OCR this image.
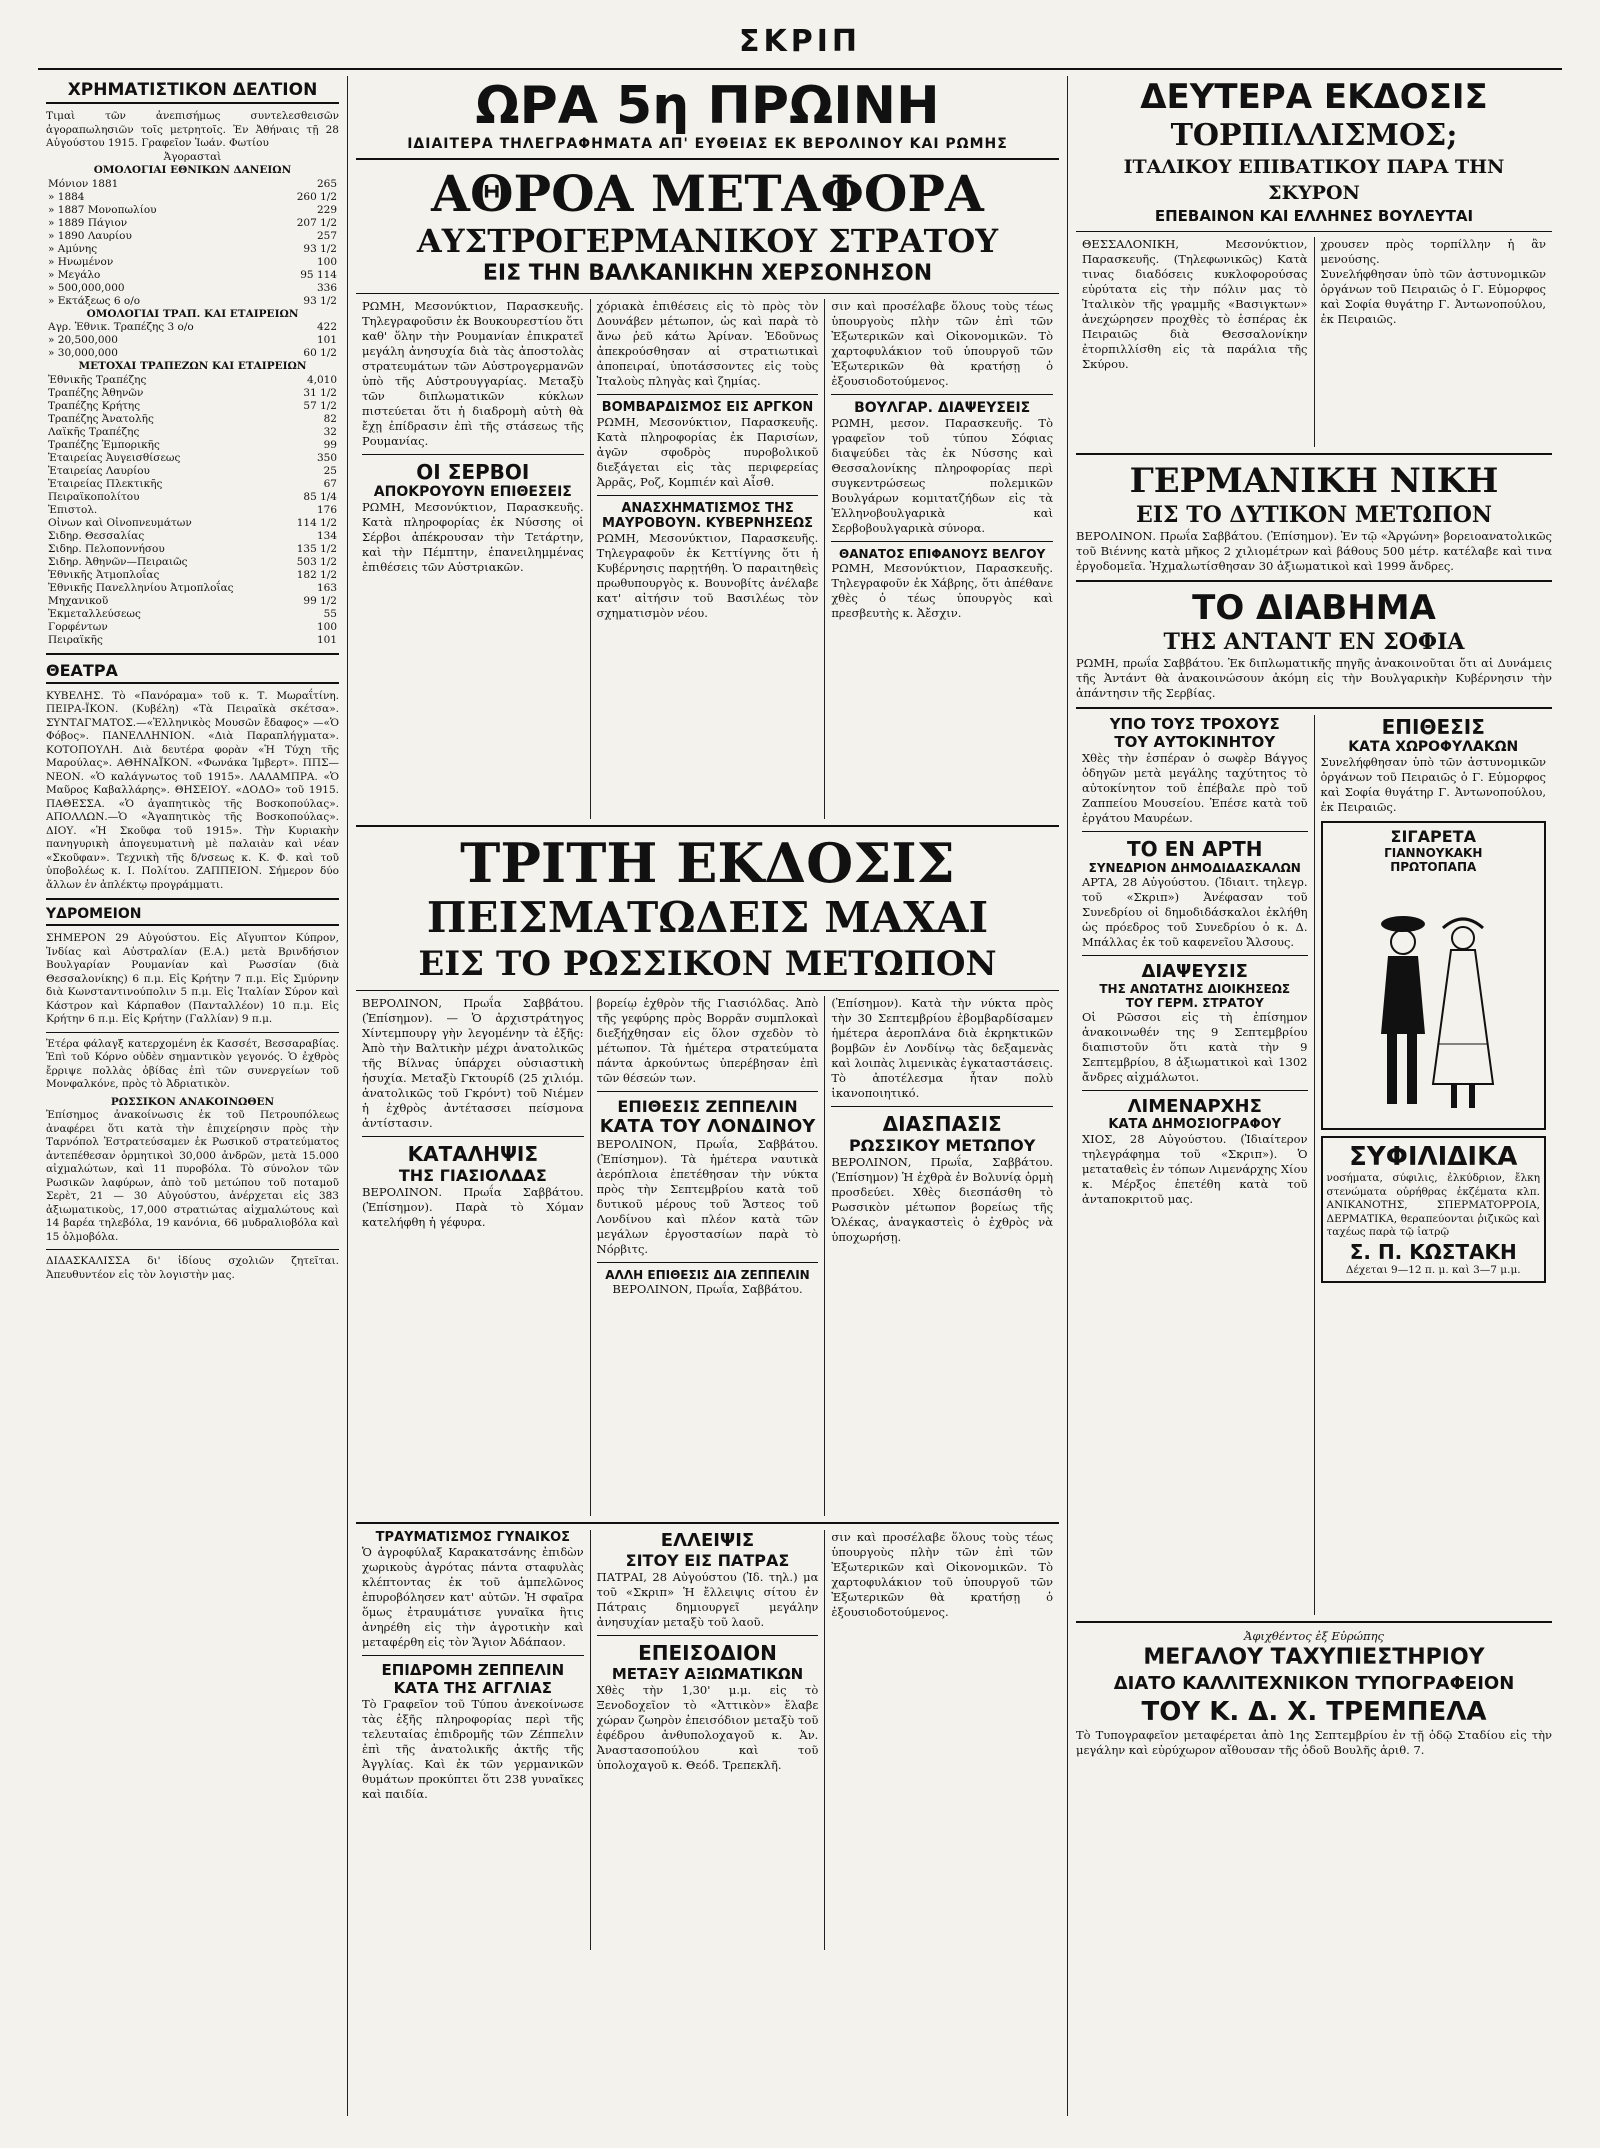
ΣΚΡΙΠ
ΧΡΗΜΑΤΙΣΤΙΚΟΝ ΔΕΛΤΙΟΝ
Τιμαὶ τῶν ἀνεπισήμως συντελεσθεισῶν ἀγοραπωλησιῶν τοῖς μετρητοῖς. Ἐν Ἀθήναις τῇ 28 Αὐγούστου 1915. Γραφεῖον Ἰωάν. Φωτίου
Ἀγορασταὶ
ΟΜΟΛΟΓΙΑΙ ΕΘΝΙΚΩΝ ΔΑΝΕΙΩΝ
Μόνιον 1881	265
» 1884	260 1/2
» 1887 Μονοπωλίου	229
» 1889 Πάγιον	207 1/2
» 1890 Λαυρίου	257
» Αμύνης	93 1/2
» Ηνωμένον	100
» Μεγάλο	95 114
» 500,000,000	336
» Εκτάξεως 6 ο/ο	93 1/2
ΟΜΟΛΟΓΙΑΙ ΤΡΑΠ. ΚΑΙ ΕΤΑΙΡΕΙΩΝ
Αγρ. Ἐθνικ. Τραπέζης 3 ο/ο	422
» 20,500,000	101
» 30,000,000	60 1/2
ΜΕΤΟΧΑΙ ΤΡΑΠΕΖΩΝ ΚΑΙ ΕΤΑΙΡΕΙΩΝ
Ἐθνικῆς Τραπέζης	4,010
Τραπέζης Ἀθηνῶν	31 1/2
Τραπέζης Κρήτης	57 1/2
Τραπέζης Ἀνατολῆς	82
Λαϊκῆς Τραπέζης	32
Τραπέζης Ἐμπορικῆς	99
Ἑταιρείας Ἀυγεισθίσεως	350
Ἑταιρείας Λαυρίου	25
Ἑταιρείας Πλεκτικῆς	67
Πειραϊκοπολίτου	85 1/4
Ἐπιστολ.	176
Οἰνων καὶ Οἰνοπνευμάτων	114 1/2
Σιδηρ. Θεσσαλίας	134
Σιδηρ. Πελοποννήσου	135 1/2
Σιδηρ. Ἀθηνῶν—Πειραιῶς	503 1/2
Ἐθνικῆς Ἀτμοπλοΐας	182 1/2
Ἐθνικῆς Πανελληνίου Ἀτμοπλοΐας	163
Μηχανικοῦ	99 1/2
Ἐκμεταλλεύσεως	55
Γορφέντων	100
Πειραϊκῆς	101
ΘΕΑΤΡΑ
ΚΥΒΕΛΗΣ. Τὸ «Πανόραμα» τοῦ κ. Τ. Μωραΐτίνη. ΠΕΙΡΑ-ΪΚΟΝ. (Κυβέλη) «Τὰ Πειραϊκὰ σκέτσα». ΣΥΝΤΑΓΜΑΤΟΣ.—«Ἑλληνικὸς Μουσῶν ἔδαφος» —«Ὁ Φόβος». ΠΑΝΕΛΛΗΝΙΟΝ. «Διὰ Παραπλήγματα». ΚΟΤΟΠΟΥΛΗ. Διὰ δευτέρα φορὰν «Ἡ Τύχη τῆς Μαρούλας». ΑΘΗΝΑΪΚΟΝ. «Φωνάκα Ἰμβερτ». ΠΠΣ—ΝΕΟΝ. «Ὁ καλάγνωτος τοῦ 1915». ΛΑΛΑΜΠΡΑ. «Ὁ Μαῦρος Καβαλλάρης». ΘΗΣΕΙΟΥ. «ΔΟΔΟ» τοῦ 1915. ΠΑΘΕΣΣΑ. «Ὁ ἀγαπητικὸς τῆς Βοσκοπούλας». ΑΠΟΛΛΩΝ.—Ὁ «Ἀγαπητικὸς τῆς Βοσκοπούλας». ΔΙΟΥ. «Ἡ Σκοῦφα τοῦ 1915». Τὴν Κυριακὴν πανηγυρικὴ ἀπογευματινὴ μὲ παλαιὰν καὶ νέαν «Σκοῦφαν». Τεχνικὴ τῆς δ/νσεως κ. Κ. Φ. καὶ τοῦ ὑποβολέως κ. Ι. Πολίτου. ΖΑΠΠΕΙΟΝ. Σήμερον δύο ἄλλων ἐν ἀπλέκτῳ προγράμματι.
ΥΔΡΟΜΕΙΟΝ
ΣΗΜΕΡΟΝ 29 Αὐγούστου. Εἰς Αἴγυπτον Κύπρον, Ἰνδίας καὶ Αὐστραλίαν (Ε.Α.) μετὰ Βρινδήσιον Βουλγαρίαν Ρουμανίαν καὶ Ρωσσίαν (διὰ Θεσσαλονίκης) 6 π.μ. Εἰς Κρήτην 7 π.μ. Εἰς Σμύρνην διὰ Κωνσταντινούπολιν 5 π.μ. Εἰς Ἰταλίαν Σύρον καὶ Κάστρον καὶ Κάρπαθον (Πανταλλέον) 10 π.μ. Εἰς Κρήτην 6 π.μ. Εἰς Κρήτην (Γαλλίαν) 9 π.μ.
Ἐτέρα φάλαγξ κατερχομένη ἐκ Κασσέτ, Βεσσαραβίας. Ἐπὶ τοῦ Κόρνο οὐδὲν σημαντικὸν γεγονός. Ὁ ἐχθρὸς ἔρριψε πολλὰς ὀβίδας ἐπὶ τῶν συνεργείων τοῦ Μονφαλκόνε, πρὸς τὸ Ἀδριατικὸν.
ΡΩΣΣΙΚΟΝ ΑΝΑΚΟΙΝΩΘΕΝ
Ἐπίσημος ἀνακοίνωσις ἐκ τοῦ Πετρουπόλεως ἀναφέρει ὅτι κατὰ τὴν ἐπιχείρησιν πρὸς τὴν Ταρνόπολ Ἐστρατεύσαμεν ἐκ Ρωσικοῦ στρατεύματος ἀντεπέθεσαν ὁρμητικοὶ 30,000 ἀνδρῶν, μετὰ 15.000 αἰχμαλώτων, καὶ 11 πυροβόλα. Τὸ σύνολον τῶν Ρωσικῶν λαφύρων, ἀπὸ τοῦ μετώπου τοῦ ποταμοῦ Σερὲτ, 21 — 30 Αὐγούστου, ἀνέρχεται εἰς 383 ἀξιωματικοὺς, 17,000 στρατιώτας αἰχμαλώτους καὶ 14 βαρέα τηλεβόλα, 19 κανόνια, 66 μυδραλιοβόλα καὶ 15 ὀλμοβόλα.
ΔΙΔΑΣΚΑΛΙΣΣΑ δι' ἰδίους σχολιῶν ζητεῖται. Ἀπευθυντέον εἰς τὸν λογιστὴν μας.
ΩΡΑ 5η ΠΡΩΙΝΗ
ΙΔΙΑΙΤΕΡΑ ΤΗΛΕΓΡΑΦΗΜΑΤΑ ΑΠ' ΕΥΘΕΙΑΣ ΕΚ ΒΕΡΟΛΙΝΟΥ ΚΑΙ ΡΩΜΗΣ
ΑΘΡΟΑ ΜΕΤΑΦΟΡΑ
ΑΥΣΤΡΟΓΕΡΜΑΝΙΚΟΥ ΣΤΡΑΤΟΥ
ΕΙΣ ΤΗΝ ΒΑΛΚΑΝΙΚΗΝ ΧΕΡΣΟΝΗΣΟΝ
ΡΩΜΗ, Μεσονύκτιον, Παρασκευῆς. Τηλεγραφοῦσιν ἐκ Βουκουρεστίου ὅτι καθ' ὅλην τὴν Ρουμανίαν ἐπικρατεῖ μεγάλη ἀνησυχία διὰ τὰς ἀποστολὰς στρατευμάτων τῶν Αὐστρογερμανῶν ὑπὸ τῆς Αὐστρουγγαρίας. Μεταξὺ τῶν διπλωματικῶν κύκλων πιστεύεται ὅτι ἡ διαδρομὴ αὐτὴ θὰ ἔχῃ ἐπίδρασιν ἐπὶ τῆς στάσεως τῆς Ρουμανίας.
ΟΙ ΣΕΡΒΟΙ
ΑΠΟΚΡΟΥΟΥΝ ΕΠΙΘΕΣΕΙΣ
ΡΩΜΗ, Μεσονύκτιον, Παρασκευῆς. Κατὰ πληροφορίας ἐκ Νύσσης οἱ Σέρβοι ἀπέκρουσαν τὴν Τετάρτην, καὶ τὴν Πέμπτην, ἐπανειλημμένας ἐπιθέσεις τῶν Αὐστριακῶν.
χόριακὰ ἐπιθέσεις εἰς τὸ πρὸς τὸν Δουνάβεν μέτωπον, ὡς καὶ παρὰ τὸ ἄνω ῥεῦ κάτω Ἀρίναν. Ἐδοῦνως ἀπεκρούσθησαν αἱ στρατιωτικαὶ ἀποπειραί, ὑποτάσσοντες εἰς τοὺς Ἰταλοὺς πληγὰς καὶ ζημίας.
ΒΟΜΒΑΡΔΙΣΜΟΣ ΕΙΣ ΑΡΓΚΟΝ
ΡΩΜΗ, Μεσονύκτιον, Παρασκευῆς. Κατὰ πληροφορίας ἐκ Παρισίων, ἀγῶν σφοδρὸς πυροβολικοῦ διεξάγεται εἰς τὰς περιφερείας Ἀρρᾶς, Ροζ, Κομπιέν καὶ Αἶσθ.
ΑΝΑΣΧΗΜΑΤΙΣΜΟΣ ΤΗΣ ΜΑΥΡΟΒΟΥΝ. ΚΥΒΕΡΝΗΣΕΩΣ
ΡΩΜΗ, Μεσονύκτιον, Παρασκευῆς. Τηλεγραφοῦν ἐκ Κεττίγνης ὅτι ἡ Κυβέρνησις παρῃτήθη. Ὁ παραιτηθεὶς πρωθυπουργὸς κ. Βουνοβίτς ἀνέλαβε κατ' αἰτήσιν τοῦ Βασιλέως τὸν σχηματισμὸν νέου.
σιν καὶ προσέλαβε ὅλους τοὺς τέως ὑπουργοὺς πλὴν τῶν ἐπὶ τῶν Ἐξωτερικῶν καὶ Οἰκονομικῶν. Τὸ χαρτοφυλάκιον τοῦ ὑπουργοῦ τῶν Ἐξωτερικῶν θὰ κρατήσῃ ὁ ἐξουσιοδοτούμενος.
ΒΟΥΛΓΑΡ. ΔΙΑΨΕΥΣΕΙΣ
ΡΩΜΗ, μεσον. Παρασκευῆς. Τὸ γραφεῖον τοῦ τύπου Σόφιας διαψεύδει τὰς ἐκ Νύσσης καὶ Θεσσαλονίκης πληροφορίας περὶ συγκεντρώσεως πολεμικῶν Βουλγάρων κομιτατζήδων εἰς τὰ Ἑλληνοβουλγαρικὰ καὶ Σερβοβουλγαρικὰ σύνορα.
ΘΑΝΑΤΟΣ ΕΠΙΦΑΝΟΥΣ ΒΕΛΓΟΥ
ΡΩΜΗ, Μεσονύκτιον, Παρασκευῆς. Τηλεγραφοῦν ἐκ Χάβρης, ὅτι ἀπέθανε χθὲς ὁ τέως ὑπουργὸς καὶ πρεσβευτὴς κ. Ἀἔσχιν.
ΤΡΙΤΗ ΕΚΔΟΣΙΣ
ΠΕΙΣΜΑΤΩΔΕΙΣ ΜΑΧΑΙ
ΕΙΣ ΤΟ ΡΩΣΣΙΚΟΝ ΜΕΤΩΠΟΝ
ΒΕΡΟΛΙΝΟΝ, Πρωΐα Σαββάτου. (Ἐπίσημον). — Ὁ ἀρχιστράτηγος Χίντεμπουργ γὴν λεγομένην τὰ ἑξῆς: Ἀπὸ τὴν Βαλτικὴν μέχρι ἀνατολικῶς τῆς Βίλνας ὑπάρχει οὐσιαστικὴ ἡσυχία. Μεταξὺ Γκτουρίδ (25 χιλιόμ. ἀνατολικῶς τοῦ Γκρόντ) τοῦ Νιέμεν ἡ ἐχθρὸς ἀντέτασσει πείσμονα ἀντίστασιν.
ΚΑΤΑΛΗΨΙΣ
ΤΗΣ ΓΙΑΣΙΟΛΔΑΣ
ΒΕΡΟΛΙΝΟΝ. Πρωΐα Σαββάτου. (Ἐπίσημον). Παρὰ τὸ Χόμαν κατελήφθη ἡ γέφυρα.
βορείῳ ἐχθρὸν τῆς Γιασιόλδας. Ἀπὸ τῆς γεφύρης πρὸς Βορρᾶν συμπλοκαὶ διεξήχθησαν εἰς ὅλον σχεδὸν τὸ μέτωπον. Τὰ ἡμέτερα στρατεύματα πάντα ἀρκούντως ὑπερέβησαν ἐπὶ τῶν θέσεών των.
ΕΠΙΘΕΣΙΣ ΖΕΠΠΕΛΙΝ
ΚΑΤΑ ΤΟΥ ΛΟΝΔΙΝΟΥ
ΒΕΡΟΛΙΝΟΝ, Πρωΐα, Σαββάτου. (Ἐπίσημον). Τὰ ἡμέτερα ναυτικὰ ἀερόπλοια ἐπετέθησαν τὴν νύκτα πρὸς τὴν Σεπτεμβρίου κατὰ τοῦ δυτικοῦ μέρους τοῦ Ἄστεος τοῦ Λονδίνου καὶ πλέον κατὰ τῶν μεγάλων ἐργοστασίων παρὰ τὸ Νόρβιτς.
ΑΛΛΗ ΕΠΙΘΕΣΙΣ ΔΙΑ ΖΕΠΠΕΛΙΝ
ΒΕΡΟΛΙΝΟΝ, Πρωΐα, Σαββάτου.
(Ἐπίσημον). Κατὰ τὴν νύκτα πρὸς τὴν 30 Σεπτεμβρίου ἐβομβαρδίσαμεν ἡμέτερα ἀεροπλάνα διὰ ἐκρηκτικῶν βομβῶν ἐν Λονδίνῳ τὰς δεξαμενὰς καὶ λοιπὰς λιμενικὰς ἐγκαταστάσεις. Τὸ ἀποτέλεσμα ἦταν πολὺ ἱκανοποιητικό.
ΔΙΑΣΠΑΣΙΣ
ΡΩΣΣΙΚΟΥ ΜΕΤΩΠΟΥ
ΒΕΡΟΛΙΝΟΝ, Πρωΐα, Σαββάτου. (Ἐπίσημον) Ἡ ἐχθρὰ ἐν Βολυνίᾳ ὁρμὴ προσδεύει. Χθὲς διεσπάσθη τὸ Ρωσσικὸν μέτωπον βορείως τῆς Ὀλέκας, ἀναγκαστεὶς ὁ ἐχθρὸς νὰ ὑποχωρήσῃ.
ΤΡΑΥΜΑΤΙΣΜΟΣ ΓΥΝΑΙΚΟΣ
Ὁ ἀγροφύλαξ Καρακατσάνης ἐπιδὼν χωρικοὺς ἀγρότας πάντα σταφυλὰς κλέπτοντας ἐκ τοῦ ἀμπελῶνος ἐπυροβόλησεν κατ' αὐτῶν. Ἡ σφαῖρα ὅμως ἐτραυμάτισε γυναῖκα ἣτις ἀνηρέθη εἰς τὴν ἀγροτικὴν καὶ μεταφέρθη εἰς τὸν Ἅγιον Ἀδάπαον.
ΕΠΙΔΡΟΜΗ ΖΕΠΠΕΛΙΝ
ΚΑΤΑ ΤΗΣ ΑΓΓΛΙΑΣ
Τὸ Γραφεῖον τοῦ Τύπου ἀνεκοίνωσε τὰς ἑξῆς πληροφορίας περὶ τῆς τελευταίας ἐπιδρομῆς τῶν Ζέππελιν ἐπὶ τῆς ἀνατολικῆς ἀκτῆς τῆς Ἀγγλίας. Καὶ ἐκ τῶν γερμανικῶν θυμάτων προκύπτει ὅτι 238 γυναῖκες καὶ παιδία.
ΕΛΛΕΙΨΙΣ
ΣΙΤΟΥ ΕΙΣ ΠΑΤΡΑΣ
ΠΑΤΡΑΙ, 28 Αὐγούστου (Ἰδ. τηλ.) μα τοῦ «Σκριπ» Ἡ ἔλλειψις σίτου ἐν Πάτραις δημιουργεῖ μεγάλην ἀνησυχίαν μεταξὺ τοῦ λαοῦ.
ΕΠΕΙΣΟΔΙΟΝ
ΜΕΤΑΞΥ ΑΞΙΩΜΑΤΙΚΩΝ
Χθὲς τὴν 1,30' μ.μ. εἰς τὸ Ξενοδοχεῖον τὸ «Ἀττικὸν» ἔλαβε χώραν ζωηρὸν ἐπεισόδιον μεταξὺ τοῦ ἐφέδρου ἀνθυπολοχαγοῦ κ. Ἀν. Ἀναστασοπούλου καὶ τοῦ ὑπολοχαγοῦ κ. Θεόδ. Τρεπεκλῆ.
σιν καὶ προσέλαβε ὅλους τοὺς τέως ὑπουργοὺς πλὴν τῶν ἐπὶ τῶν Ἐξωτερικῶν καὶ Οἰκονομικῶν. Τὸ χαρτοφυλάκιον τοῦ ὑπουργοῦ τῶν Ἐξωτερικῶν θὰ κρατήσῃ ὁ ἐξουσιοδοτούμενος.
ΔΕΥΤΕΡΑ ΕΚΔΟΣΙΣ
ΤΟΡΠΙΛΛΙΣΜΟΣ;
ΙΤΑΛΙΚΟΥ ΕΠΙΒΑΤΙΚΟΥ ΠΑΡΑ ΤΗΝ ΣΚΥΡΟΝ
ΕΠΕΒΑΙΝΟΝ ΚΑΙ ΕΛΛΗΝΕΣ ΒΟΥΛΕΥΤΑΙ
ΘΕΣΣΑΛΟΝΙΚΗ, Μεσονύκτιον, Παρασκευῆς. (Τηλεφωνικῶς) Κατὰ τινας διαδόσεις κυκλοφορούσας εὐρύτατα εἰς τὴν πόλιν μας τὸ Ἰταλικὸν τῆς γραμμῆς «Βασιγκτων» ἀνεχώρησεν προχθὲς τὸ ἑσπέρας ἐκ Πειραιῶς διὰ Θεσσαλονίκην ἐτορπιλλίσθη εἰς τὰ παράλια τῆς Σκύρου.
χρουσεν πρὸς τορπίλλην ἡ ἂν μενούσης.
Συνελήφθησαν ὑπὸ τῶν ἀστυνομικῶν ὀργάνων τοῦ Πειραιῶς ὁ Γ. Εὐμορφος καὶ Σοφία θυγάτηρ Γ. Ἀντωνοπούλου, ἐκ Πειραιῶς.
ΓΕΡΜΑΝΙΚΗ ΝΙΚΗ
ΕΙΣ ΤΟ ΔΥΤΙΚΟΝ ΜΕΤΩΠΟΝ
ΒΕΡΟΛΙΝΟΝ. Πρωΐα Σαββάτου. (Ἐπίσημον). Ἐν τῷ «Ἀργώνη» βορειοανατολικῶς τοῦ Βιέννης κατὰ μῆκος 2 χιλιομέτρων καὶ βάθους 500 μέτρ. κατέλαβε καὶ τινα ἐργοδομεῖα. Ἠχμαλωτίσθησαν 30 ἀξιωματικοὶ καὶ 1999 ἄνδρες.
ΤΟ ΔΙΑΒΗΜΑ
ΤΗΣ ΑΝΤΑΝΤ ΕΝ ΣΟΦΙΑ
ΡΩΜΗ, πρωΐα Σαββάτου. Ἐκ διπλωματικῆς πηγῆς ἀνακοινοῦται ὅτι αἱ Δυνάμεις τῆς Ἀντάντ θὰ ἀνακοινώσουν ἀκόμη εἰς τὴν Βουλγαρικὴν Κυβέρνησιν τὴν ἀπάντησιν τῆς Σερβίας.
ΥΠΟ ΤΟΥΣ ΤΡΟΧΟΥΣ
ΤΟΥ ΑΥΤΟΚΙΝΗΤΟΥ
Χθὲς τὴν ἑσπέραν ὁ σωφὲρ Βάγγος ὁδηγῶν μετὰ μεγάλης ταχύτητος τὸ αὐτοκίνητον τοῦ ἐπέβαλε πρὸ τοῦ Ζαππείου Μουσείου. Ἐπέσε κατὰ τοῦ ἐργάτου Μαυρέων.
ΤΟ ΕΝ ΑΡΤΗ
ΣΥΝΕΔΡΙΟΝ ΔΗΜΟΔΙΔΑΣΚΑΛΩΝ
ΑΡΤΑ, 28 Αὐγούστου. (Ἰδιαιτ. τηλεγρ. τοῦ «Σκριπ») Ἀνέφασαν τοῦ Συνεδρίου οἱ δημοδιδάσκαλοι ἐκλήθη ὡς πρόεδρος τοῦ Συνεδρίου ὁ κ. Δ. Μπάλλας ἐκ τοῦ καφενεῖου Ἄλσους.
ΔΙΑΨΕΥΣΙΣ
ΤΗΣ ΑΝΩΤΑΤΗΣ ΔΙΟΙΚΗΣΕΩΣ
ΤΟΥ ΓΕΡΜ. ΣΤΡΑΤΟΥ
Οἱ Ρῶσσοι εἰς τὴ ἐπίσημον ἀνακοινωθέν της 9 Σεπτεμβρίου διαπιστοῦν ὅτι κατὰ τὴν 9 Σεπτεμβρίου, 8 ἀξιωματικοὶ καὶ 1302 ἄνδρες αἰχμάλωτοι.
ΛΙΜΕΝΑΡΧΗΣ
ΚΑΤΑ ΔΗΜΟΣΙΟΓΡΑΦΟΥ
ΧΙΟΣ, 28 Αὐγούστου. (Ἰδιαίτερον τηλεγράφημα τοῦ «Σκριπ»). Ὁ μεταταθεὶς ἐν τόπων Λιμενάρχης Χίου κ. Μέρξος ἐπετέθη κατὰ τοῦ ἀνταποκριτοῦ μας.
ΕΠΙΘΕΣΙΣ
ΚΑΤΑ ΧΩΡΟΦΥΛΑΚΩΝ
Συνελήφθησαν ὑπὸ τῶν ἀστυνομικῶν ὀργάνων τοῦ Πειραιῶς ὁ Γ. Εὐμορφος καὶ Σοφία θυγάτηρ Γ. Ἀντωνοπούλου, ἐκ Πειραιῶς.
ΣΙΓΑΡΕΤΑ
ΓΙΑΝΝΟΥΚΑΚΗ
ΠΡΩΤΟΠΑΠΑ
ΣΥΦΙΛΙΔΙΚΑ
νοσήματα, σύφιλις, ἐλκύδριον, ἔλκη στενώματα οὐρήθρας ἐκζέματα κλπ. ΑΝΙΚΑΝΟΤΗΣ, ΣΠΕΡΜΑΤΟΡΡΟΙΑ, ΔΕΡΜΑΤΙΚΑ, θεραπεύονται ῥιζικῶς καὶ ταχέως παρὰ τῷ ἰατρῷ
Σ. Π. ΚΩΣΤΑΚΗ
Δέχεται 9—12 π. μ. καὶ 3—7 μ.μ.
Ἀφιχθέντος ἐξ Εὐρώπης
ΜΕΓΑΛΟΥ ΤΑΧΥΠΙΕΣΤΗΡΙΟΥ
ΔΙΑΤΟ ΚΑΛΛΙΤΕΧΝΙΚΟΝ ΤΥΠΟΓΡΑΦΕΙΟΝ
ΤΟΥ Κ. Δ. Χ. ΤΡΕΜΠΕΛΑ
Τὸ Τυπογραφεῖον μεταφέρεται ἀπὸ 1ης Σεπτεμβρίου ἐν τῇ ὁδῷ Σταδίου εἰς τὴν μεγάλην καὶ εὐρύχωρον αἴθουσαν τῆς ὁδοῦ Βουλῆς ἀριθ. 7.
